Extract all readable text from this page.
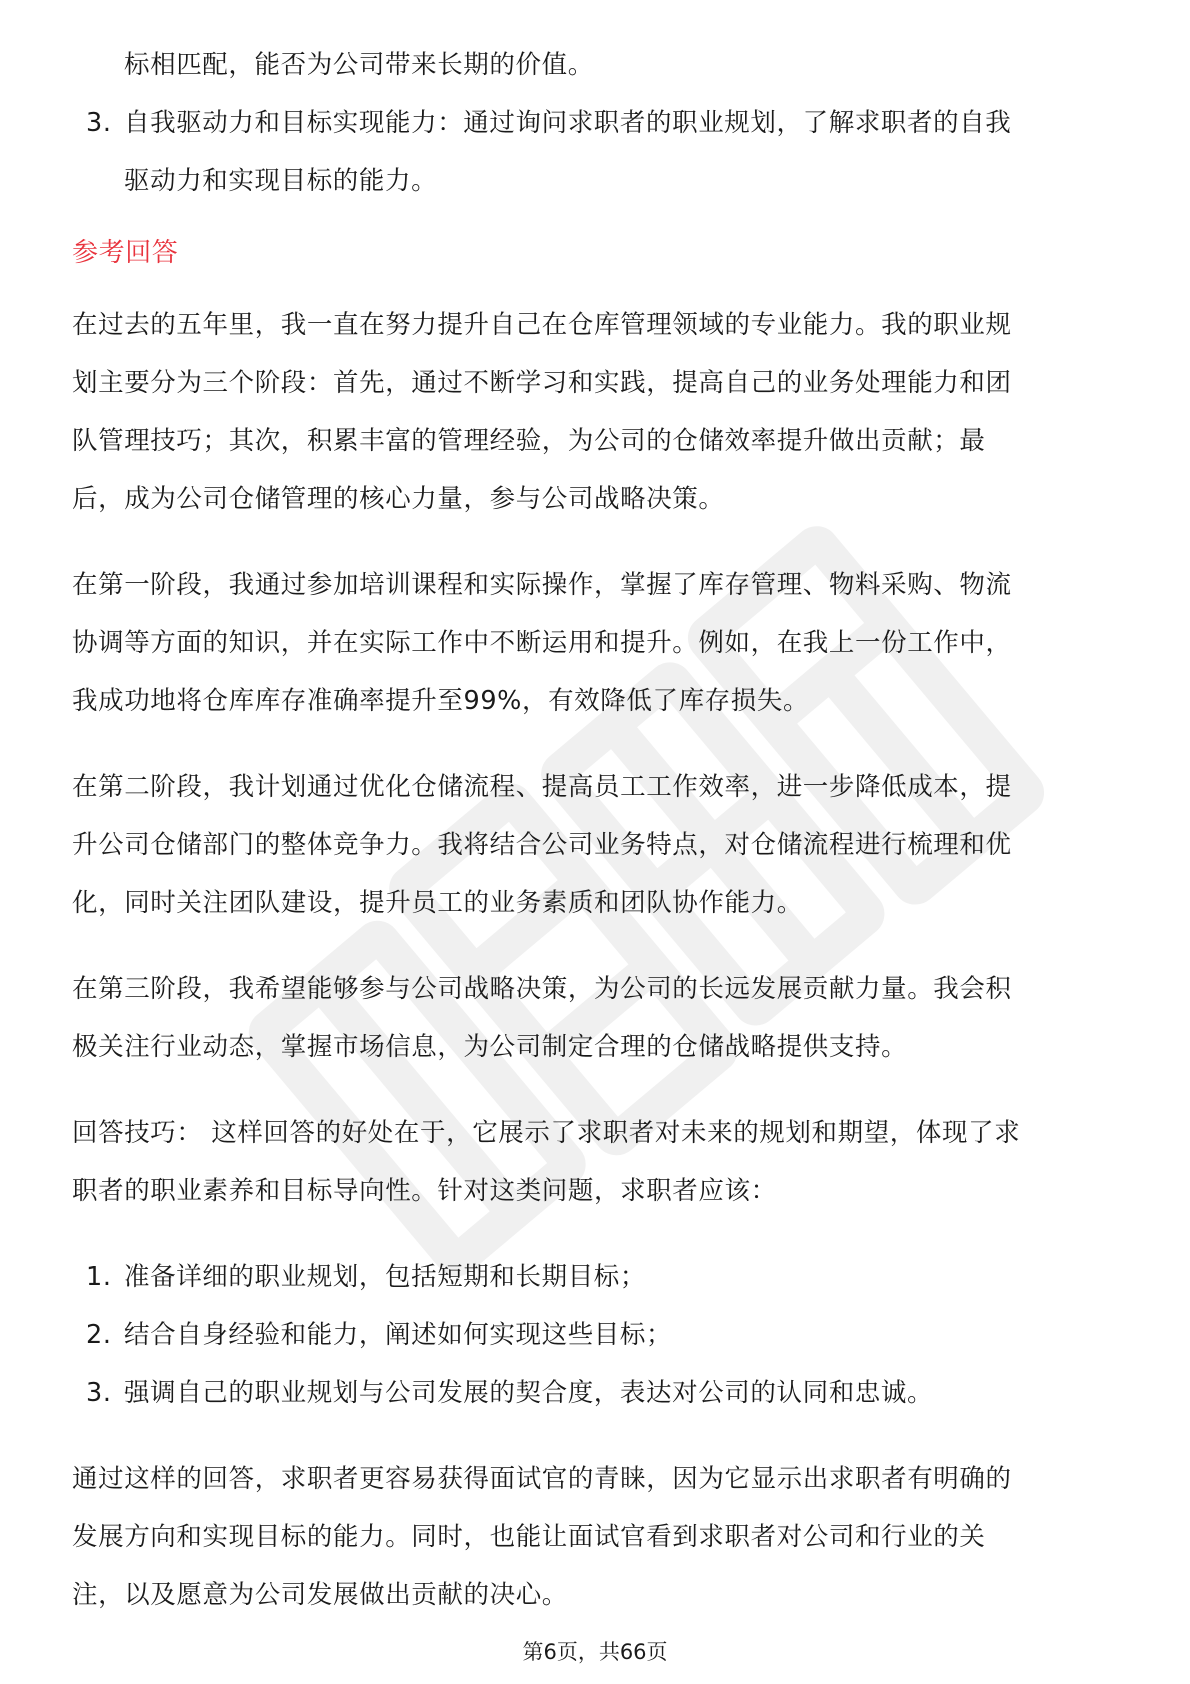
标相匹配，能否为公司带来长期的价值。
3. 自我驱动力和目标实现能力：通过询问求职者的职业规划，了解求职者的自我
驱动力和实现目标的能力。
参考回答
在过去的五年里，我一直在努力提升自己在仓库管理领域的专业能力。我的职业规
划主要分为三个阶段：首先，通过不断学习和实践，提高自己的业务处理能力和团
队管理技巧；其次，积累丰富的管理经验，为公司的仓储效率提升做出贡献；最
后，成为公司仓储管理的核心力量，参与公司战略决策。
在第一阶段，我通过参加培训课程和实际操作，掌握了库存管理、物料采购、物流
协调等方面的知识，并在实际工作中不断运用和提升。例如，在我上一份工作中，
我成功地将仓库库存准确率提升至99%，有效降低了库存损失。
在第二阶段，我计划通过优化仓储流程、提高员工工作效率，进一步降低成本，提
升公司仓储部门的整体竞争力。我将结合公司业务特点，对仓储流程进行梳理和优
化，同时关注团队建设，提升员工的业务素质和团队协作能力。
在第三阶段，我希望能够参与公司战略决策，为公司的长远发展贡献力量。我会积
极关注行业动态，掌握市场信息，为公司制定合理的仓储战略提供支持。
回答技巧： 这样回答的好处在于，它展示了求职者对未来的规划和期望，体现了求
职者的职业素养和目标导向性。针对这类问题，求职者应该：
1. 准备详细的职业规划，包括短期和长期目标；
2. 结合自身经验和能力，阐述如何实现这些目标；
3. 强调自己的职业规划与公司发展的契合度，表达对公司的认同和忠诚。
通过这样的回答，求职者更容易获得面试官的青睐，因为它显示出求职者有明确的
发展方向和实现目标的能力。同时，也能让面试官看到求职者对公司和行业的关
注，以及愿意为公司发展做出贡献的决心。
第6页，共66页
